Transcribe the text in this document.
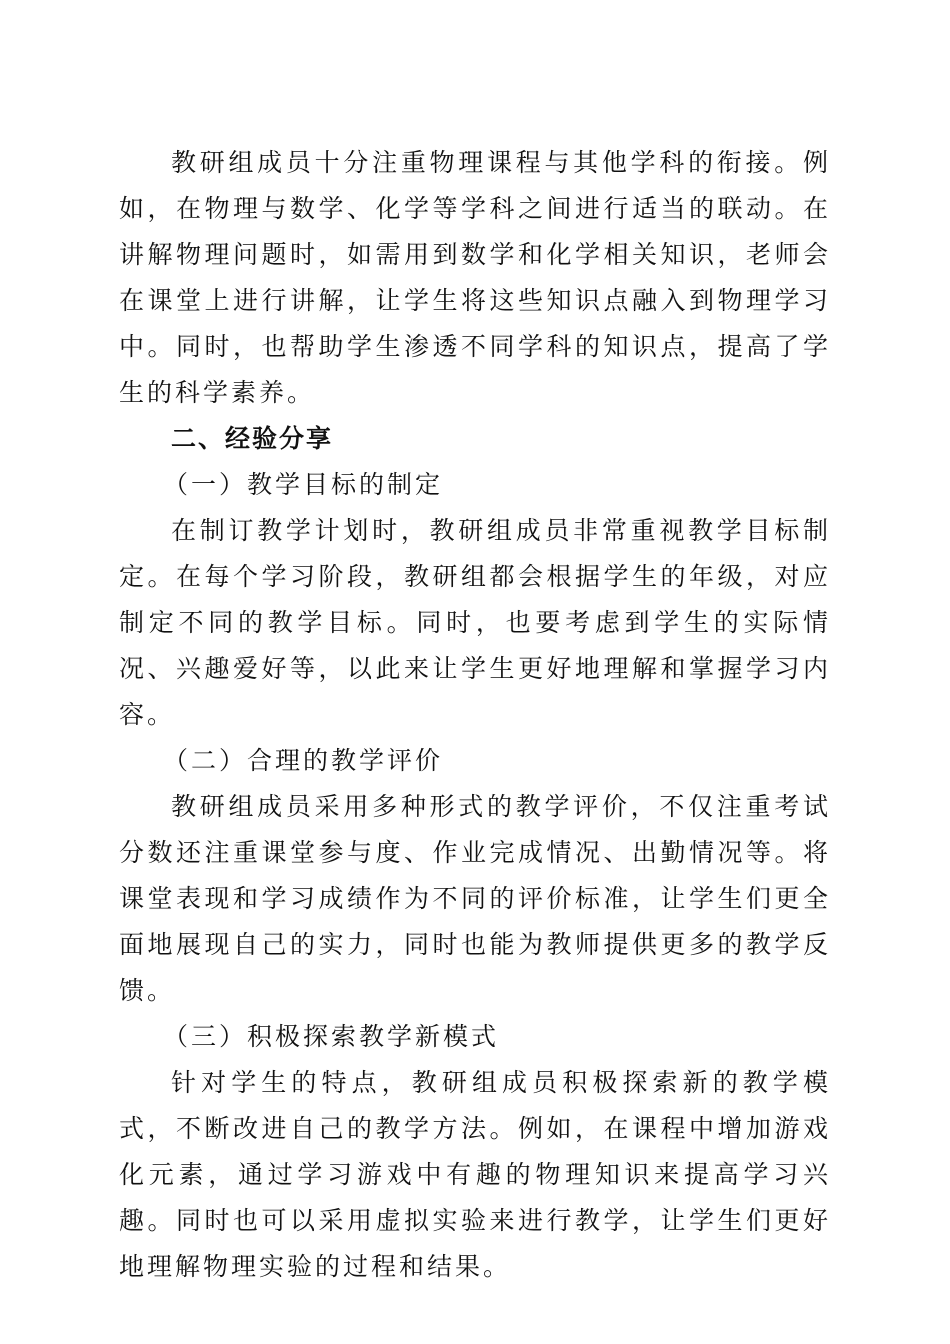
教研组成员十分注重物理课程与其他学科的衔接。例如，在物理与数学、化学等学科之间进行适当的联动。在讲解物理问题时，如需用到数学和化学相关知识，老师会在课堂上进行讲解，让学生将这些知识点融入到物理学习中。同时，也帮助学生渗透不同学科的知识点，提高了学生的科学素养。

二、经验分享

（一）教学目标的制定

在制订教学计划时，教研组成员非常重视教学目标制定。在每个学习阶段，教研组都会根据学生的年级，对应制定不同的教学目标。同时，也要考虑到学生的实际情况、兴趣爱好等，以此来让学生更好地理解和掌握学习内容。

（二）合理的教学评价

教研组成员采用多种形式的教学评价，不仅注重考试分数还注重课堂参与度、作业完成情况、出勤情况等。将课堂表现和学习成绩作为不同的评价标准，让学生们更全面地展现自己的实力，同时也能为教师提供更多的教学反馈。

（三）积极探索教学新模式

针对学生的特点，教研组成员积极探索新的教学模式，不断改进自己的教学方法。例如，在课程中增加游戏化元素，通过学习游戏中有趣的物理知识来提高学习兴趣。同时也可以采用虚拟实验来进行教学，让学生们更好地理解物理实验的过程和结果。
